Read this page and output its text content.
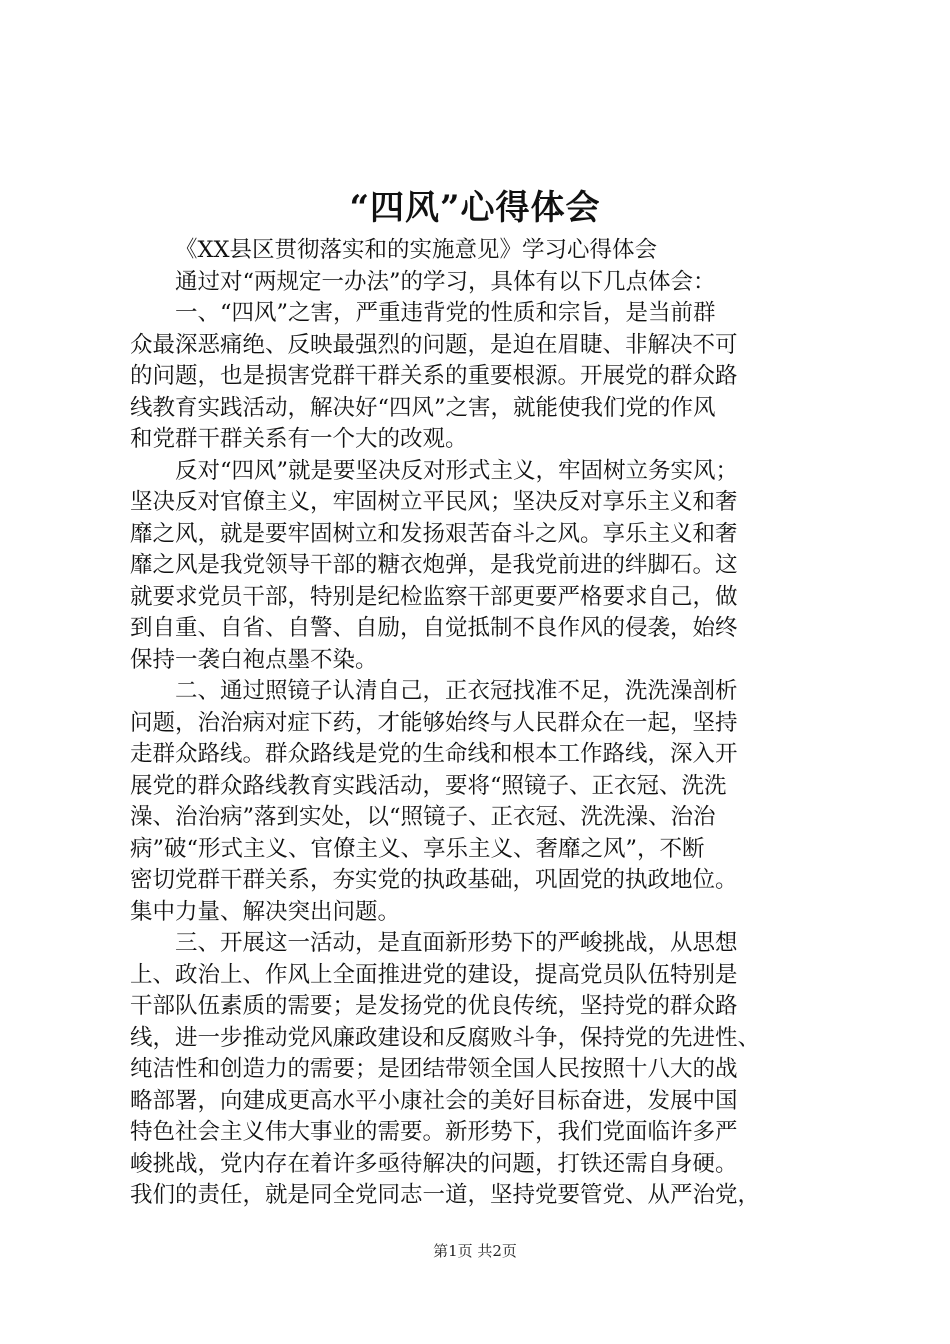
“四风”心得体会
《XX县区贯彻落实和的实施意见》学习心得体会
通过对“两规定一办法”的学习，具体有以下几点体会：
一、“四风”之害，严重违背党的性质和宗旨，是当前群
众最深恶痛绝、反映最强烈的问题，是迫在眉睫、非解决不可
的问题，也是损害党群干群关系的重要根源。开展党的群众路
线教育实践活动，解决好“四风”之害，就能使我们党的作风
和党群干群关系有一个大的改观。
反对“四风”就是要坚决反对形式主义，牢固树立务实风；
坚决反对官僚主义，牢固树立平民风；坚决反对享乐主义和奢
靡之风，就是要牢固树立和发扬艰苦奋斗之风。享乐主义和奢
靡之风是我党领导干部的糖衣炮弹，是我党前进的绊脚石。这
就要求党员干部，特别是纪检监察干部更要严格要求自己，做
到自重、自省、自警、自励，自觉抵制不良作风的侵袭，始终
保持一袭白袍点墨不染。
二、通过照镜子认清自己，正衣冠找准不足，洗洗澡剖析
问题，治治病对症下药，才能够始终与人民群众在一起，坚持
走群众路线。群众路线是党的生命线和根本工作路线，深入开
展党的群众路线教育实践活动，要将“照镜子、正衣冠、洗洗
澡、治治病”落到实处，以“照镜子、正衣冠、洗洗澡、治治
病”破“形式主义、官僚主义、享乐主义、奢靡之风”，不断
密切党群干群关系，夯实党的执政基础，巩固党的执政地位。
集中力量、解决突出问题。
三、开展这一活动，是直面新形势下的严峻挑战，从思想
上、政治上、作风上全面推进党的建设，提高党员队伍特别是
干部队伍素质的需要；是发扬党的优良传统，坚持党的群众路
线，进一步推动党风廉政建设和反腐败斗争，保持党的先进性、
纯洁性和创造力的需要；是团结带领全国人民按照十八大的战
略部署，向建成更高水平小康社会的美好目标奋进，发展中国
特色社会主义伟大事业的需要。新形势下，我们党面临许多严
峻挑战，党内存在着许多亟待解决的问题，打铁还需自身硬。
我们的责任，就是同全党同志一道，坚持党要管党、从严治党，
第1页 共2页
